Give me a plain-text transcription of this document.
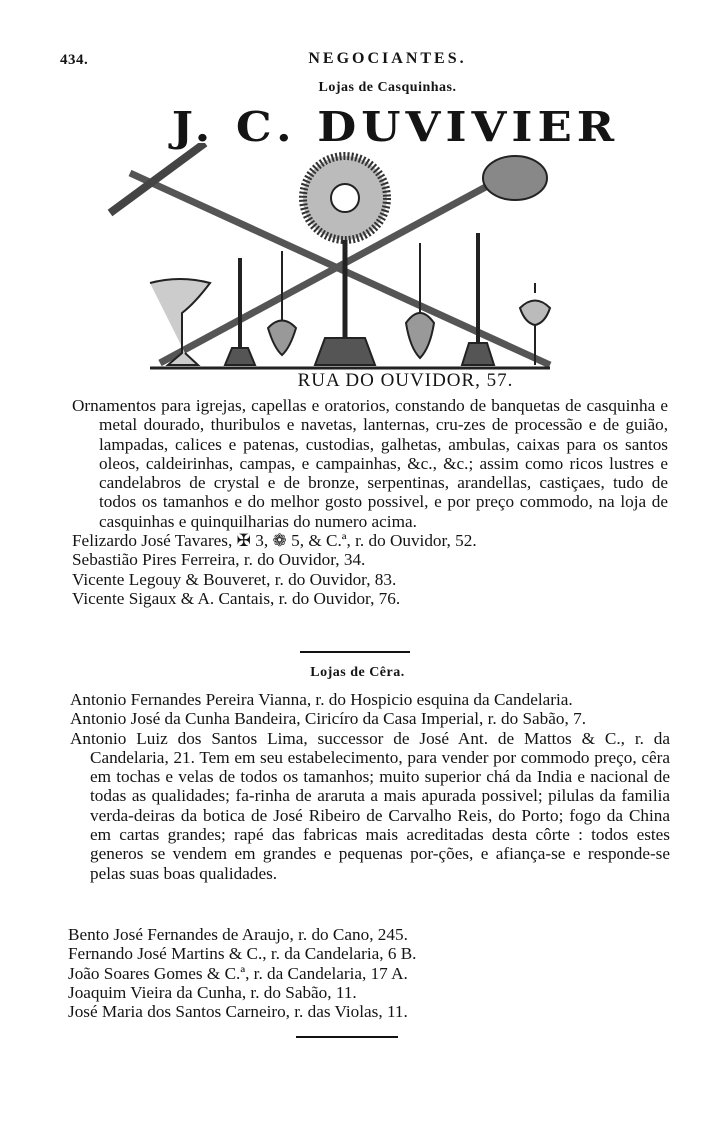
434.	NEGOCIANTES.
Lojas de Casquinhas.
J. C. DUVIVIER
RUA DO OUVIDOR, 57.

Ornamentos para igrejas, capellas e oratorios, constando de banquetas de casquinha e metal dourado, thuribulos e navetas, lanternas, cru-zes de processão e de guião, lampadas, calices e patenas, custodias, galhetas, ambulas, caixas para os santos oleos, caldeirinhas, campas, e campainhas, &c., &c.; assim como ricos lustres e candelabros de crystal e de bronze, serpentinas, arandellas, castiçaes, tudo de todos os tamanhos e do melhor gosto possivel, e por preço commodo, na loja de casquinhas e quinquilharias do numero acima.

Felizardo José Tavares, ✠ 3, ❁ 5, & C.ª, r. do Ouvidor, 52.

Sebastião Pires Ferreira, r. do Ouvidor, 34.

Vicente Legouy & Bouveret, r. do Ouvidor, 83.

Vicente Sigaux & A. Cantais, r. do Ouvidor, 76.

Lojas de Cêra.

Antonio Fernandes Pereira Vianna, r. do Hospicio esquina da Candelaria.

Antonio José da Cunha Bandeira, Ciricíro da Casa Imperial, r. do Sabão, 7.

Antonio Luiz dos Santos Lima, successor de José Ant. de Mattos & C., r. da Candelaria, 21. Tem em seu estabelecimento, para vender por commodo preço, cêra em tochas e velas de todos os tamanhos; muito superior chá da India e nacional de todas as qualidades; fa-rinha de araruta a mais apurada possivel; pilulas da familia verda-deiras da botica de José Ribeiro de Carvalho Reis, do Porto; fogo da China em cartas grandes; rapé das fabricas mais acreditadas desta côrte : todos estes generos se vendem em grandes e pequenas por-ções, e afiança-se e responde-se pelas suas boas qualidades.

Bento José Fernandes de Araujo, r. do Cano, 245.

Fernando José Martins & C., r. da Candelaria, 6 B.

João Soares Gomes & C.ª, r. da Candelaria, 17 A.

Joaquim Vieira da Cunha, r. do Sabão, 11.

José Maria dos Santos Carneiro, r. das Violas, 11.
